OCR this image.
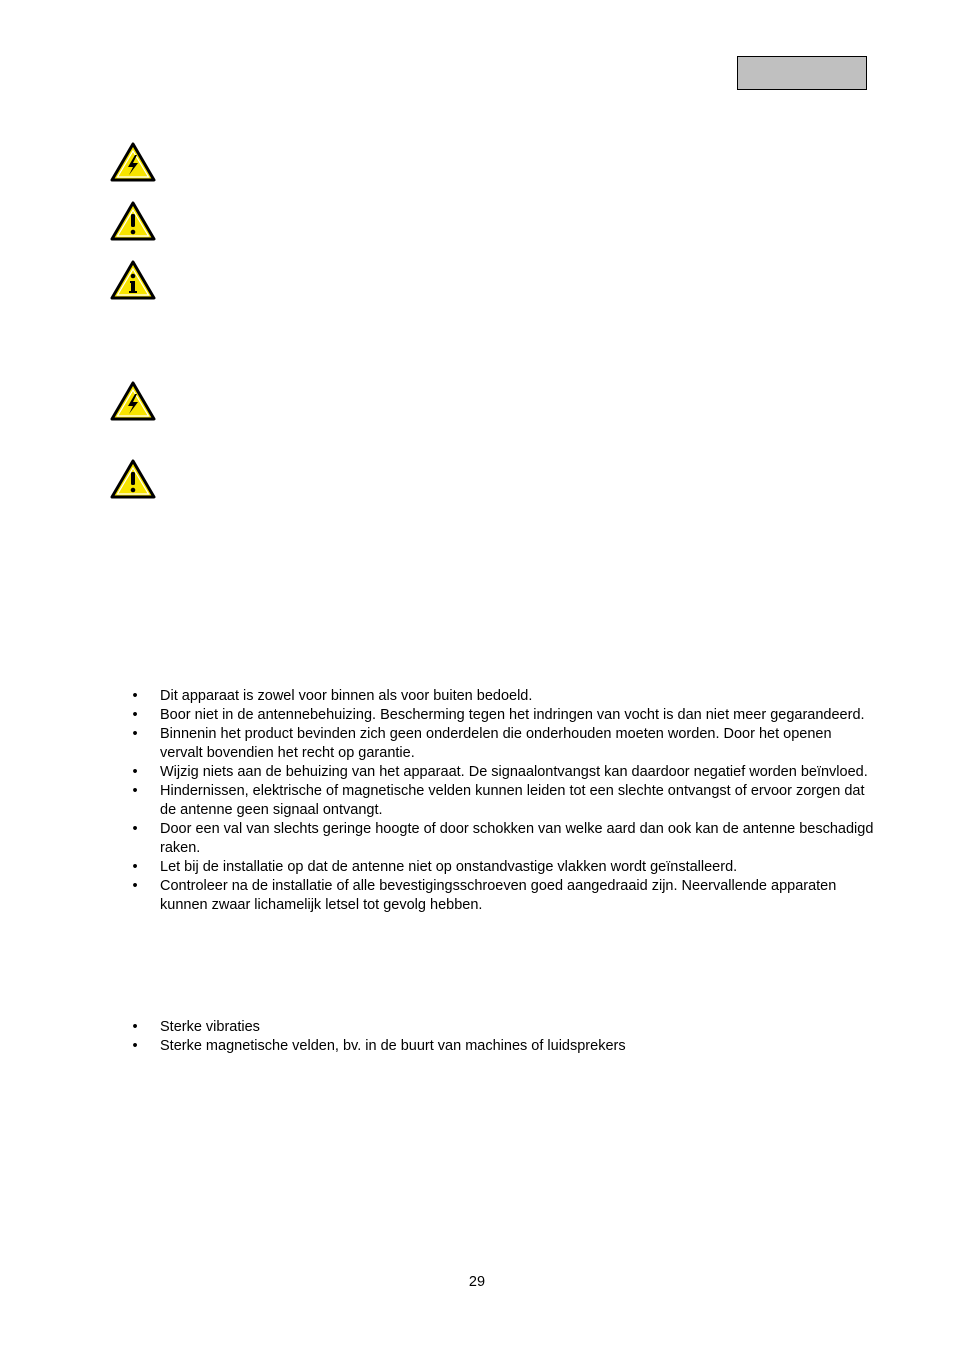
• Dit apparaat is zowel voor binnen als voor buiten bedoeld.
• Boor niet in de antennebehuizing. Bescherming tegen het indringen van vocht is dan niet meer gegarandeerd.
• Binnenin het product bevinden zich geen onderdelen die onderhouden moeten worden. Door het openen vervalt bovendien het recht op garantie.
• Wijzig niets aan de behuizing van het apparaat. De signaalontvangst kan daardoor negatief worden beïnvloed.
• Hindernissen, elektrische of magnetische velden kunnen leiden tot een slechte ontvangst of ervoor zorgen dat de antenne geen signaal ontvangt.
• Door een val van slechts geringe hoogte of door schokken van welke aard dan ook kan de antenne beschadigd raken.
• Let bij de installatie op dat de antenne niet op onstandvastige vlakken wordt geïnstalleerd.
• Controleer na de installatie of alle bevestigingsschroeven goed aangedraaid zijn. Neervallende apparaten kunnen zwaar lichamelijk letsel tot gevolg hebben.
• Sterke vibraties
• Sterke magnetische velden, bv. in de buurt van machines of luidsprekers
29
